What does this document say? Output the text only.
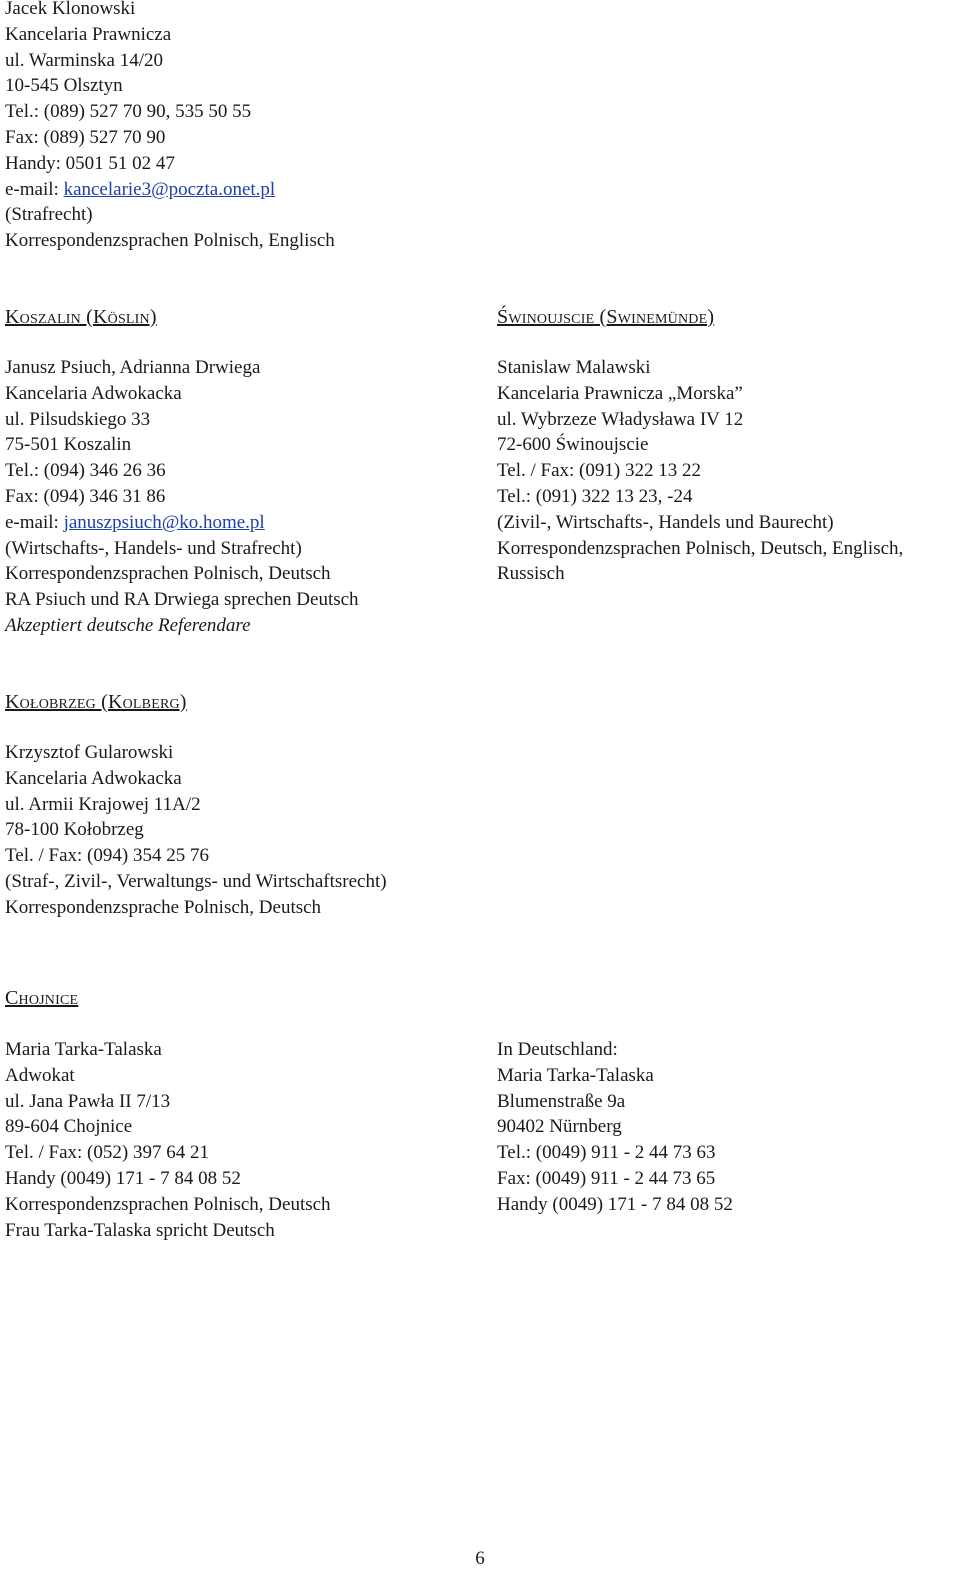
Jacek Klonowski
Kancelaria Prawnicza
ul. Warminska 14/20
10-545 Olsztyn
Tel.: (089) 527 70 90, 535 50 55
Fax: (089) 527 70 90
Handy: 0501 51 02 47
e-mail: kancelarie3@poczta.onet.pl
(Strafrecht)
Korrespondenzsprachen Polnisch, Englisch
Koszalin (Köslin)
Janusz Psiuch, Adrianna Drwiega
Kancelaria Adwokacka
ul. Pilsudskiego 33
75-501 Koszalin
Tel.: (094) 346 26 36
Fax: (094) 346 31 86
e-mail: januszpsiuch@ko.home.pl
(Wirtschafts-, Handels- und Strafrecht)
Korrespondenzsprachen Polnisch, Deutsch
RA Psiuch und RA Drwiega sprechen Deutsch
Akzeptiert deutsche Referendare
Świnoujscie (Swinemünde)
Stanislaw Malawski
Kancelaria Prawnicza „Morska”
ul. Wybrzeze Władysława IV 12
72-600 Świnoujscie
Tel. / Fax: (091) 322 13 22
Tel.: (091) 322 13 23, -24
(Zivil-, Wirtschafts-, Handels und Baurecht)
Korrespondenzsprachen Polnisch, Deutsch, Englisch,
Russisch
Kołobrzeg (Kolberg)
Krzysztof Gularowski
Kancelaria Adwokacka
ul. Armii Krajowej 11A/2
78-100 Kołobrzeg
Tel. / Fax: (094) 354 25 76
(Straf-, Zivil-, Verwaltungs- und Wirtschaftsrecht)
Korrespondenzsprache Polnisch, Deutsch
Chojnice
Maria Tarka-Talaska
Adwokat
ul. Jana Pawła II 7/13
89-604 Chojnice
Tel. / Fax: (052) 397 64 21
Handy (0049) 171 - 7 84 08 52
Korrespondenzsprachen Polnisch, Deutsch
Frau Tarka-Talaska spricht Deutsch
In Deutschland:
Maria Tarka-Talaska
Blumenstraße 9a
90402 Nürnberg
Tel.: (0049) 911 - 2 44 73 63
Fax: (0049) 911 - 2 44 73 65
Handy (0049) 171 - 7 84 08 52
6
